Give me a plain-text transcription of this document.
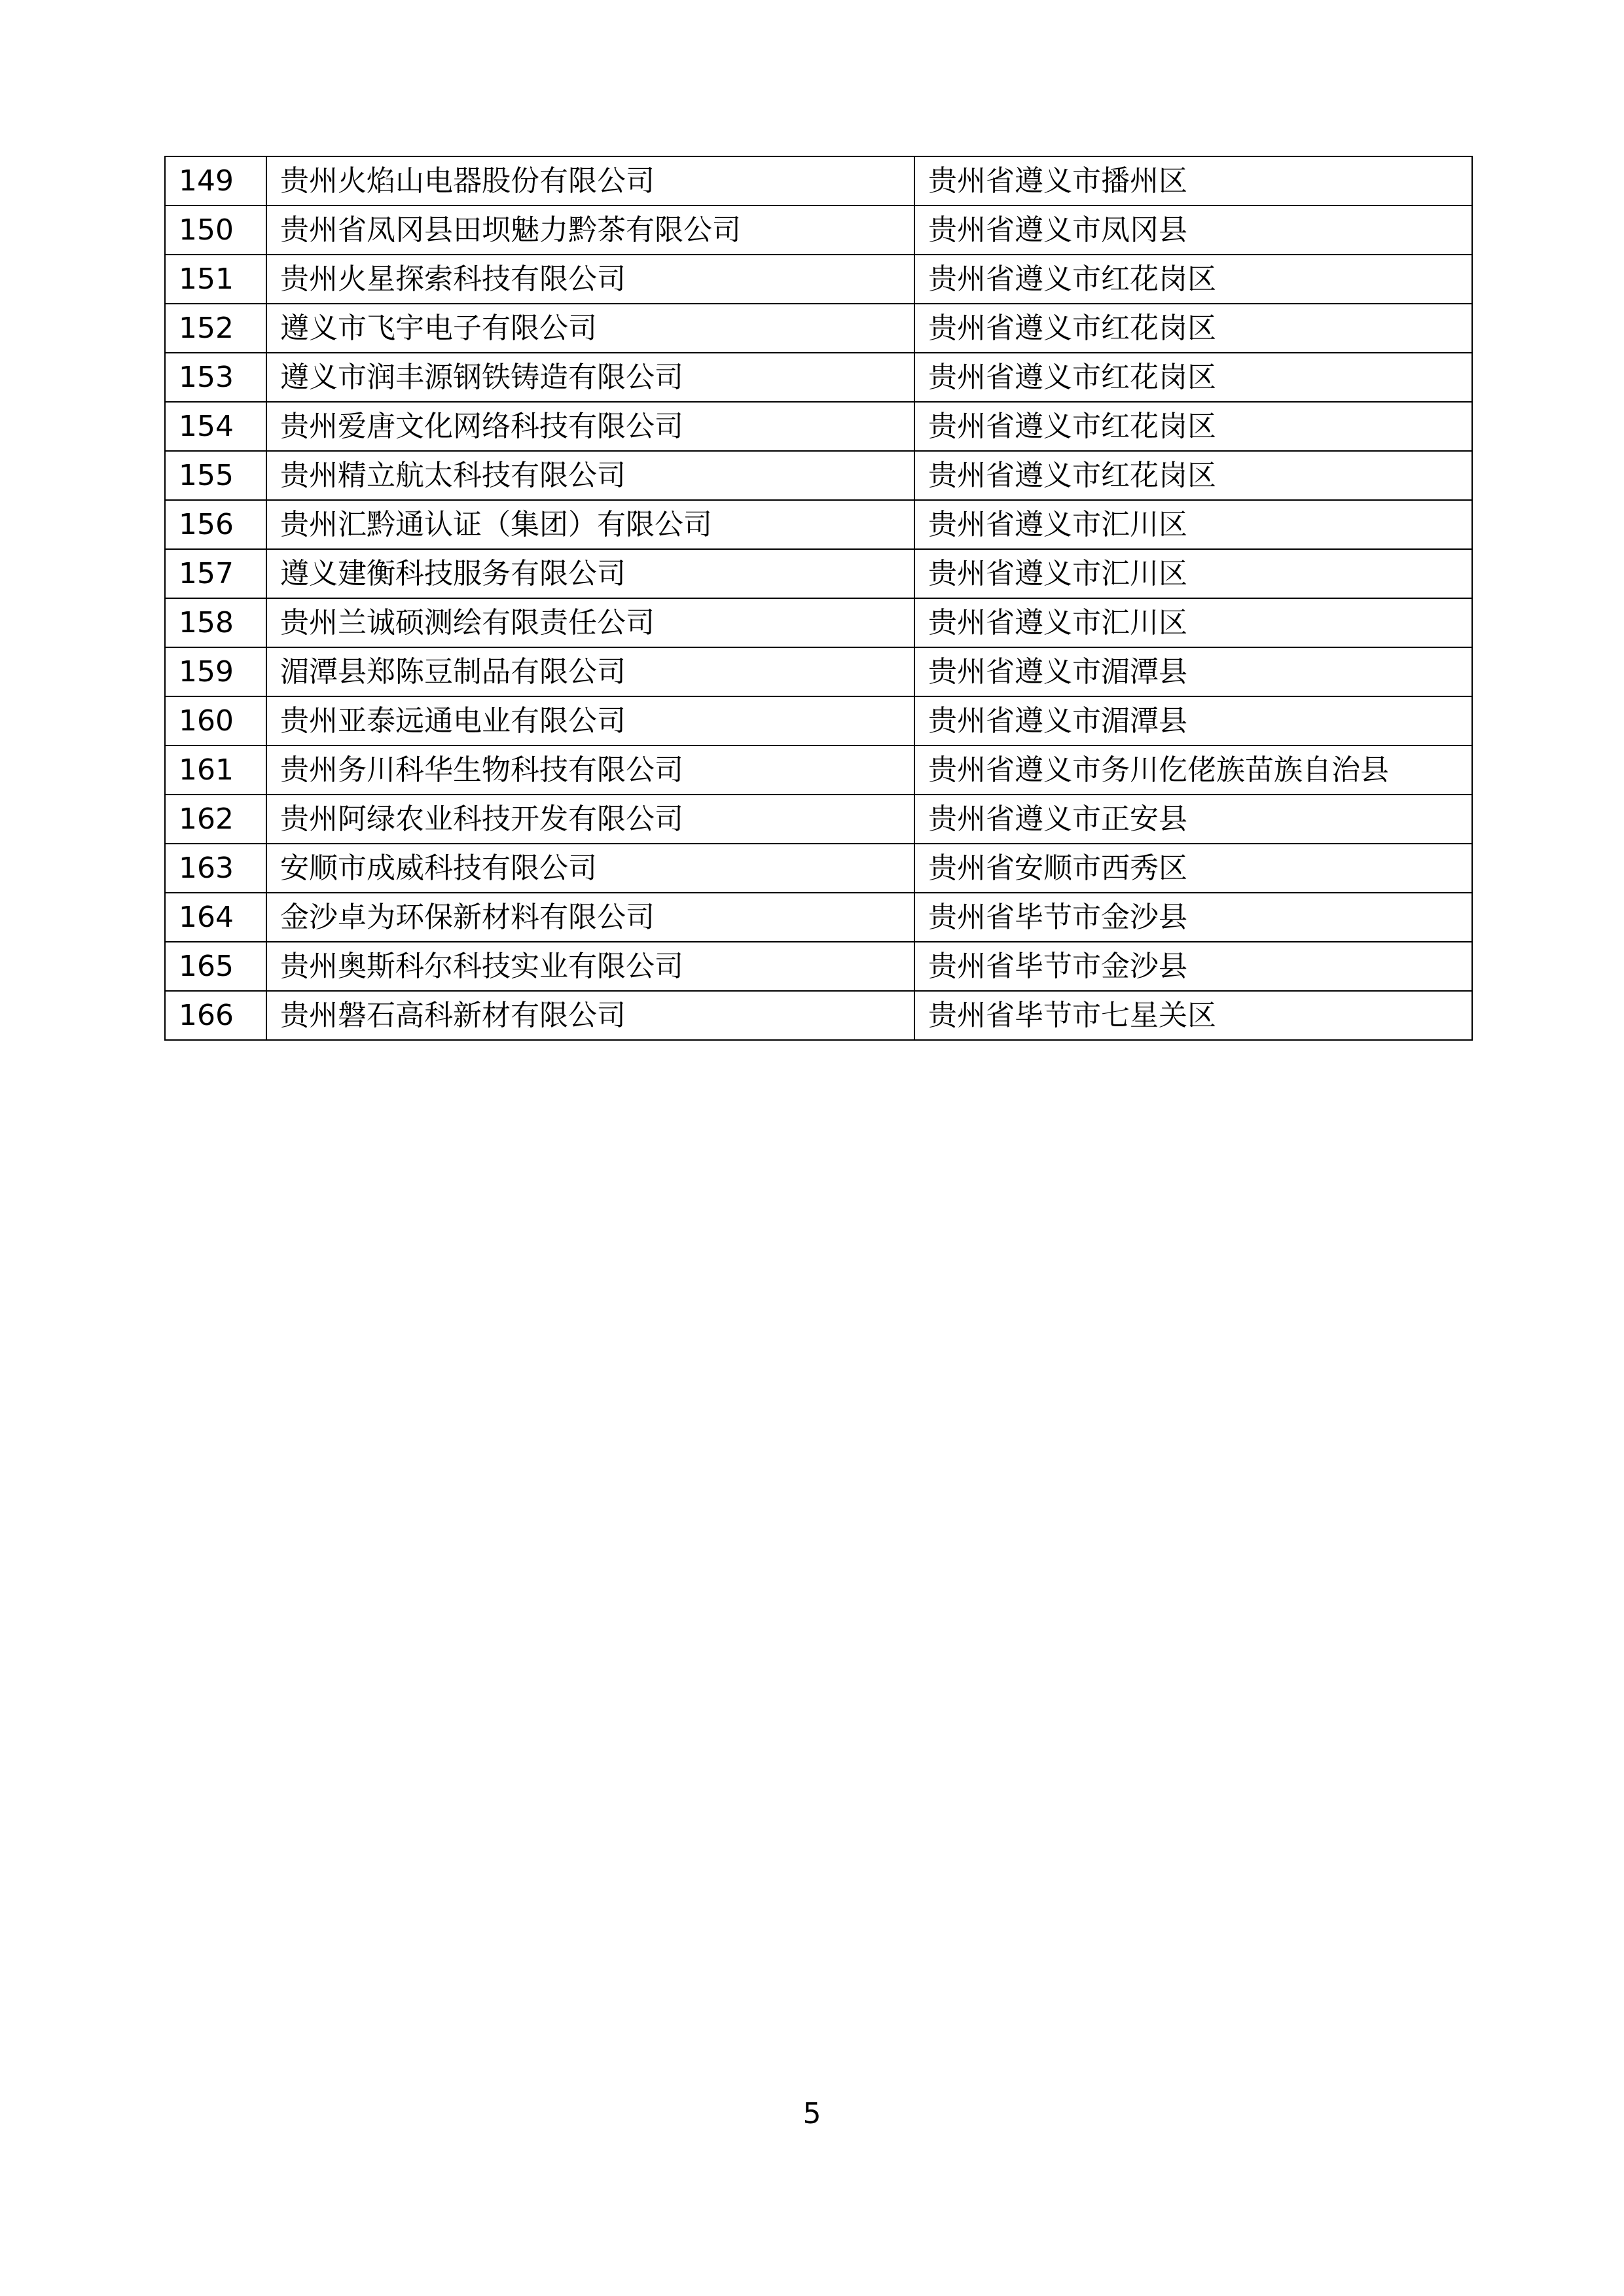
149	贵州火焰山电器股份有限公司	贵州省遵义市播州区
150	贵州省凤冈县田坝魅力黔茶有限公司	贵州省遵义市凤冈县
151	贵州火星探索科技有限公司	贵州省遵义市红花岗区
152	遵义市飞宇电子有限公司	贵州省遵义市红花岗区
153	遵义市润丰源钢铁铸造有限公司	贵州省遵义市红花岗区
154	贵州爱唐文化网络科技有限公司	贵州省遵义市红花岗区
155	贵州精立航太科技有限公司	贵州省遵义市红花岗区
156	贵州汇黔通认证（集团）有限公司	贵州省遵义市汇川区
157	遵义建衡科技服务有限公司	贵州省遵义市汇川区
158	贵州兰诚硕测绘有限责任公司	贵州省遵义市汇川区
159	湄潭县郑陈豆制品有限公司	贵州省遵义市湄潭县
160	贵州亚泰远通电业有限公司	贵州省遵义市湄潭县
161	贵州务川科华生物科技有限公司	贵州省遵义市务川仡佬族苗族自治县
162	贵州阿绿农业科技开发有限公司	贵州省遵义市正安县
163	安顺市成威科技有限公司	贵州省安顺市西秀区
164	金沙卓为环保新材料有限公司	贵州省毕节市金沙县
165	贵州奥斯科尔科技实业有限公司	贵州省毕节市金沙县
166	贵州磐石高科新材有限公司	贵州省毕节市七星关区
5
